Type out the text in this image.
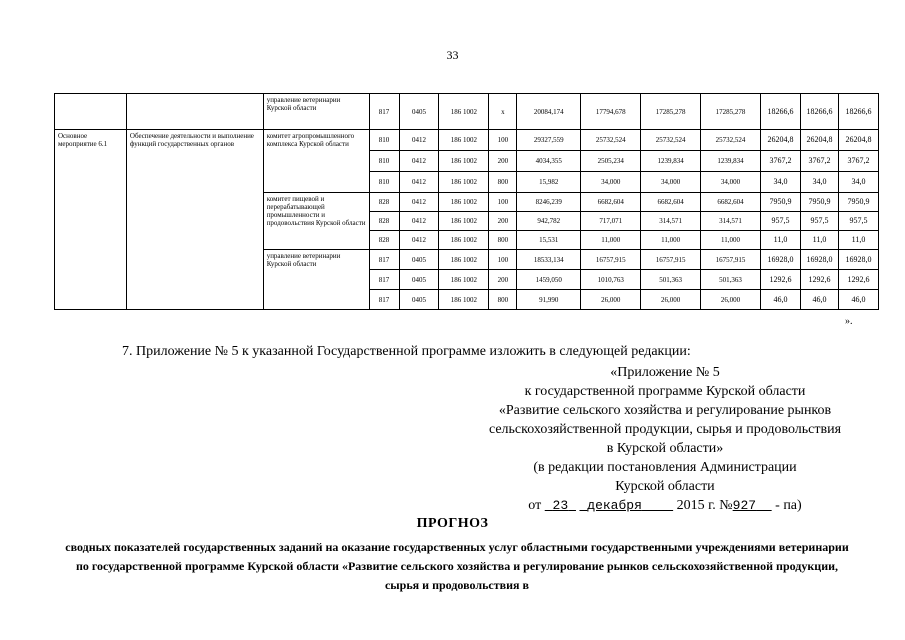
33
		управление ветеринарии Курской области	817	0405	186 1002	х	20084,174	17794,678	17285,278	17285,278	18266,6	18266,6	18266,6
Основное мероприятие 6.1	Обеспечение деятельности и выполнение функций государственных органов	комитет агропромышленного комплекса Курской области	810	0412	186 1002	100	29327,559	25732,524	25732,524	25732,524	26204,8	26204,8	26204,8
			810	0412	186 1002	200	4034,355	2505,234	1239,834	1239,834	3767,2	3767,2	3767,2
			810	0412	186 1002	800	15,982	34,000	34,000	34,000	34,0	34,0	34,0
		комитет пищевой и перерабатывающей промышленности и продовольствия Курской области	828	0412	186 1002	100	8246,239	6682,604	6682,604	6682,604	7950,9	7950,9	7950,9
			828	0412	186 1002	200	942,782	717,071	314,571	314,571	957,5	957,5	957,5
			828	0412	186 1002	800	15,531	11,000	11,000	11,000	11,0	11,0	11,0
		управление ветеринарии Курской области	817	0405	186 1002	100	18533,134	16757,915	16757,915	16757,915	16928,0	16928,0	16928,0
			817	0405	186 1002	200	1459,050	1010,763	501,363	501,363	1292,6	1292,6	1292,6
			817	0405	186 1002	800	91,990	26,000	26,000	26,000	46,0	46,0	46,0
».
7. Приложение № 5 к указанной Государственной программе изложить в следующей редакции:
«Приложение № 5
к государственной программе Курской области
«Развитие сельского хозяйства и регулирование рынков
сельскохозяйственной продукции, сырья и продовольствия
в Курской области»
(в редакции постановления Администрации
Курской области
от 23 декабря 2015 г. №927 - па)
ПРОГНОЗ
сводных показателей государственных заданий на оказание государственных услуг областными государственными учреждениями ветеринарии по государственной программе Курской области «Развитие сельского хозяйства и регулирование рынков сельскохозяйственной продукции, сырья и продовольствия в
